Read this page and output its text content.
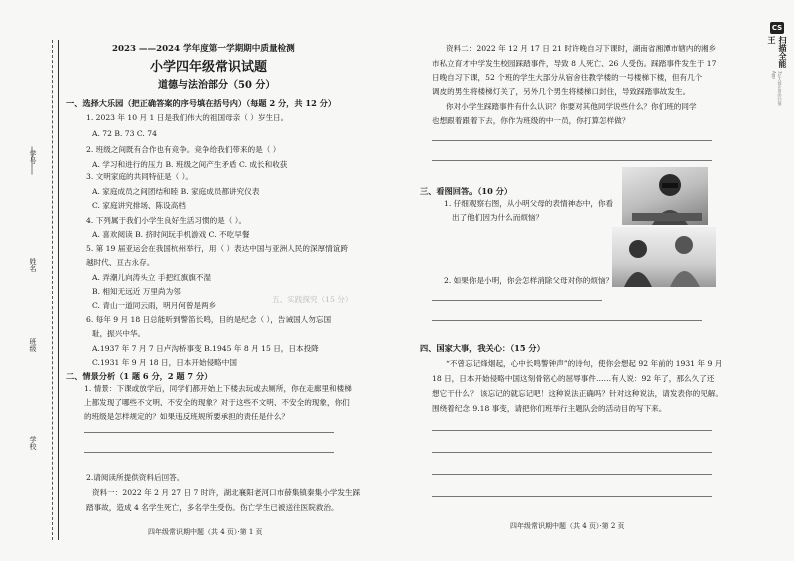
学号
姓名
班级
学校
CS
扫描全能王
3亿人都在用的扫描App
2023 ——2024 学年度第一学期期中质量检测
小学四年级常识试题
道德与法治部分（50 分）
一、选择大乐园（把正确答案的序号填在括号内）（每题 2 分，共 12 分）
1. 2023 年 10 月 1 日是我们伟大的祖国母亲（ ）岁生日。
A. 72 B. 73 C. 74
2. 班级之间既有合作也有竞争。竞争给我们带来的是（ ）
A. 学习和进行的压力 B. 班级之间产生矛盾 C. 成长和收获
3. 文明家庭的共同特征是（ ）。
A. 家庭成员之间团结和睦 B. 家庭成员都讲究仪表
C. 家庭讲究排场、陈设高档
4. 下列属于我们小学生良好生活习惯的是（ ）。
A. 喜欢阅读 B. 挤时间玩手机游戏 C. 不吃早餐
5. 第 19 届亚运会在我国杭州举行，用（ ）表达中国与亚洲人民的深厚情谊跨
越时代、亘古永存。
A. 弄潮儿向涛头立 手把红旗旗不湿
B. 相知无远近 万里尚为邻
C. 青山一道同云雨，明月何曾是两乡
五、实践探究（15 分）
6. 每年 9 月 18 日总能听到警笛长鸣，目的是纪念（ ），告诫国人勿忘国
耻，振兴中华。
A.1937 年 7 月 7 日卢沟桥事变 B.1945 年 8 月 15 日，日本投降
C.1931 年 9 月 18 日，日本开始侵略中国
二、情景分析（1 题 6 分，2 题 7 分）
1. 情景：下课或放学后，同学们都开始上下楼去玩或去厕所，你在走廊里和楼梯
上都发现了哪些不文明、不安全的现象？对于这些不文明、不安全的现象，你们
的班级是怎样规定的？如果违反班规所要承担的责任是什么？
2.请阅读所提供资料后回答。
资料一：2022 年 2 月 27 日 7 时许，湖北襄阳老河口市薛集镇秦集小学发生踩
踏事故，造成 4 名学生死亡，多名学生受伤。伤亡学生已被送往医院救治。
四年级常识期中题（共 4 页）·第 1 页
资料二：2022 年 12 月 17 日 21 时许晚自习下课时，湖南省湘潭市辖内的湘乡
市私立育才中学发生校园踩踏事件，导致 8 人死亡、26 人受伤。踩踏事件发生于 17
日晚自习下课，52 个班的学生大部分从宿舍往教学楼的一号楼梯下楼，但有几个
调皮的男生将楼梯灯关了，另外几个男生将楼梯口封住，导致踩踏事故发生。
你对小学生踩踏事件有什么认识？你要对其他同学说些什么？你们班的同学
也想跟着跟着下去，你作为班级的中一员，你打算怎样做？
三、看图回答。（10 分）
1. 仔细观察右图，从小明父母的表情神态中，你看
出了他们因为什么而烦恼？
2. 如果你是小明，你会怎样消除父母对你的烦恼？
四、国家大事，我关心：（15 分）
“不曾忘记烽烟起，心中长鸣警钟声”的诗句，使你会想起 92 年前的 1931 年 9 月
18 日，日本开始侵略中国这刻骨铭心的屈辱事件……有人说：92 年了，那么久了还
想它干什么？ 该忘记的就忘记吧！这种说法正确吗？针对这种说法，请发表你的见解。
围绕着纪念 9.18 事变，请把你们班举行主题队会的活动目的写下来。
四年级常识期中题（共 4 页）·第 2 页
